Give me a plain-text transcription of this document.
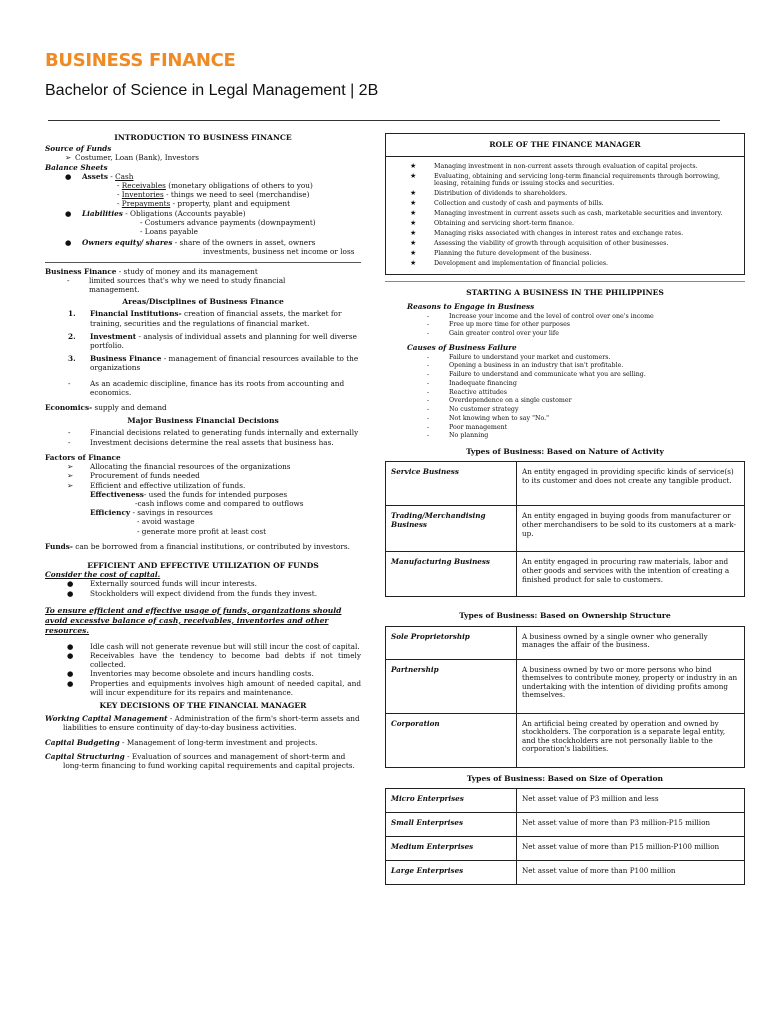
BUSINESS FINANCE
Bachelor of Science in Legal Management | 2B

INTRODUCTION TO BUSINESS FINANCE

Source of Funds

➢ Costumer, Loan (Bank), Investors

Balance Sheets

● Assets - Cash

- Receivables (monetary obligations of others to you)

- Inventories - things we need to seel (merchandise)

- Prepayments - property, plant and equipment

● Liabilities - Obligations (Accounts payable)

- Costumers advance payments (downpayment)

- Loans payable

● Owners equity/ shares - share of the owners in asset, owners

investments, business net income or loss

Business Finance - study of money and its management

-	limited sources that's why we need to study financial management.

Areas/Disciplines of Business Finance

1. Financial Institutions- creation of financial assets, the market for training, securities and the regulations of financial market.

2. Investment - analysis of individual assets and planning for well diverse portfolio.

3. Business Finance - management of financial resources available to the organizations

-	As an academic discipline, finance has its roots from accounting and economics.

Economics- supply and demand

Major Business Financial Decisions

-	Financial decisions related to generating funds internally and externally

-	Investment decisions determine the real assets that business has.

Factors of Finance

➢ Allocating the financial resources of the organizations

➢ Procurement of funds needed

➢ Efficient and effective utilization of funds.

Effectiveness- used the funds for intended purposes

-cash inflows come and compared to outflows

Efficiency - savings in resources

- avoid wastage

- generate more profit at least cost

Funds- can be borrowed from a financial institutions, or contributed by investors.

EFFICIENT AND EFFECTIVE UTILIZATION OF FUNDS

Consider the cost of capital.

● Externally sourced funds will incur interests.

● Stockholders will expect dividend from the funds they invest.

To ensure efficient and effective usage of funds, organizations should avoid excessive balance of cash, receivables, inventories and other resources.

● Idle cash will not generate revenue but will still incur the cost of capital.

● Receivables have the tendency to become bad debts if not timely collected.

● Inventories may become obsolete and incurs handling costs.

● Properties and equipments involves high amount of needed capital, and will incur expenditure for its repairs and maintenance.

KEY DECISIONS OF THE FINANCIAL MANAGER

Working Capital Management - Administration of the firm's short-term assets and liabilities to ensure continuity of day-to-day business activities.

Capital Budgeting - Management of long-term investment and projects.

Capital Structuring - Evaluation of sources and management of short-term and long-term financing to fund working capital requirements and capital projects.

ROLE OF THE FINANCE MANAGER
★	Managing investment in non-current assets through evaluation of capital projects.
★	Evaluating, obtaining and servicing long-term financial requirements through borrowing, leasing, retaining funds or issuing stocks and securities.
★	Distribution of dividends to shareholders.
★	Collection and custody of cash and payments of bills.
★	Managing investment in current assets such as cash, marketable securities and inventory.
★	Obtaining and servicing short-term finance.
★	Managing risks associated with changes in interest rates and exchange rates.
★	Assessing the viability of growth through acquisition of other businesses.
★	Planning the future development of the business.
★	Development and implementation of financial policies.

STARTING A BUSINESS IN THE PHILIPPINES

Reasons to Engage in Business

-	Increase your income and the level of control over one's income
-	Free up more time for other purposes
-	Gain greater control over your life

Causes of Business Failure

-	Failure to understand your market and customers.
-	Opening a business in an industry that isn't profitable.
-	Failure to understand and communicate what you are selling.
-	Inadequate financing
-	Reactive attitudes
-	Overdependence on a single customer
-	No customer strategy
-	Not knowing when to say "No."
-	Poor management
-	No planning

Types of Business: Based on Nature of Activity

Service Business	An entity engaged in providing specific kinds of service(s) to its customer and does not create any tangible product.
Trading/Merchandising Business	An entity engaged in buying goods from manufacturer or other merchandisers to be sold to its customers at a mark-up.
Manufacturing Business	An entity engaged in procuring raw materials, labor and other goods and services with the intention of creating a finished product for sale to customers.

Types of Business: Based on Ownership Structure

Sole Proprietorship	A business owned by a single owner who generally manages the affair of the business.
Partnership	A business owned by two or more persons who bind themselves to contribute money, property or industry in an undertaking with the intention of dividing profits among themselves.
Corporation	An artificial being created by operation and owned by stockholders. The corporation is a separate legal entity, and the stockholders are not personally liable to the corporation's liabilities.

Types of Business: Based on Size of Operation

Micro Enterprises	Net asset value of P3 million and less
Small Enterprises	Net asset value of more than P3 million-P15 million
Medium Enterprises	Net asset value of more than P15 million-P100 million
Large Enterprises	Net asset value of more than P100 million
